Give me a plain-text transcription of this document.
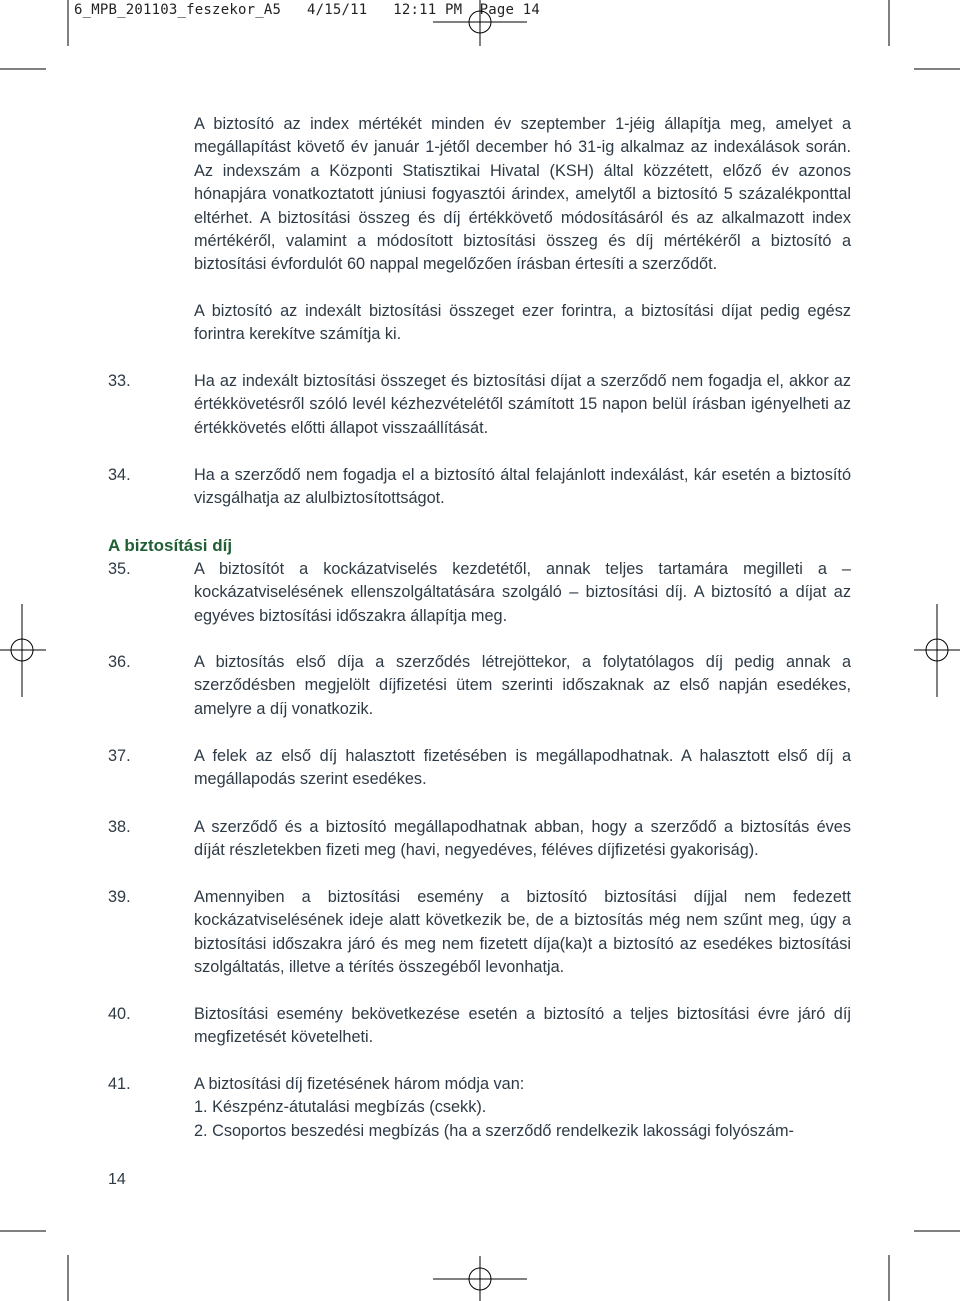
6_MPB_201103_feszekor_A5 4/15/11 12:11 PM Page 14

A biztosító az index mértékét minden év szeptember 1-jéig állapítja meg, amelyet a megállapítást követő év január 1-jétől december hó 31-ig alkalmaz az indexálások során. Az indexszám a Központi Statisztikai Hivatal (KSH) által közzétett, előző év azonos hónapjára vonatkoztatott júniusi fogyasztói árindex, amelytől a biztosító 5 százalékponttal eltérhet. A biztosítási összeg és díj értékkövető módosításáról és az alkalmazott index mértékéről, valamint a módosított biztosítási összeg és díj mértékéről a biztosító a biztosítási évfordulót 60 nappal megelőzően írásban értesíti a szerződőt.

A biztosító az indexált biztosítási összeget ezer forintra, a biztosítási díjat pedig egész forintra kerekítve számítja ki.

33.	Ha az indexált biztosítási összeget és biztosítási díjat a szerződő nem fogadja el, akkor az értékkövetésről szóló levél kézhezvételétől számított 15 napon belül írásban igényelheti az értékkövetés előtti állapot visszaállítását.
34.	Ha a szerződő nem fogadja el a biztosító által felajánlott indexálást, kár esetén a biztosító vizsgálhatja az alulbiztosítottságot.
A biztosítási díj
35.	A biztosítót a kockázatviselés kezdetétől, annak teljes tartamára megilleti a – kockázatviselésének ellenszolgáltatására szolgáló – biztosítási díj. A biztosító a díjat az egyéves biztosítási időszakra állapítja meg.
36.	A biztosítás első díja a szerződés létrejöttekor, a folytatólagos díj pedig annak a szerződésben megjelölt díjfizetési ütem szerinti időszaknak az első napján esedékes, amelyre a díj vonatkozik.
37.	A felek az első díj halasztott fizetésében is megállapodhatnak. A halasztott első díj a megállapodás szerint esedékes.
38.	A szerződő és a biztosító megállapodhatnak abban, hogy a szerződő a biztosítás éves díját részletekben fizeti meg (havi, negyedéves, féléves díjfizetési gyakoriság).
39.	Amennyiben a biztosítási esemény a biztosító biztosítási díjjal nem fedezett kockázatviselésének ideje alatt következik be, de a biztosítás még nem szűnt meg, úgy a biztosítási időszakra járó és meg nem fizetett díja(ka)t a biztosító az esedékes biztosítási szolgáltatás, illetve a térítés összegéből levonhatja.
40.	Biztosítási esemény bekövetkezése esetén a biztosító a teljes biztosítási évre járó díj megfizetését követelheti.
41.	A biztosítási díj fizetésének három módja van:
1. Készpénz-átutalási megbízás (csekk).
2. Csoportos beszedési megbízás (ha a szerződő rendelkezik lakossági folyószám-
14
